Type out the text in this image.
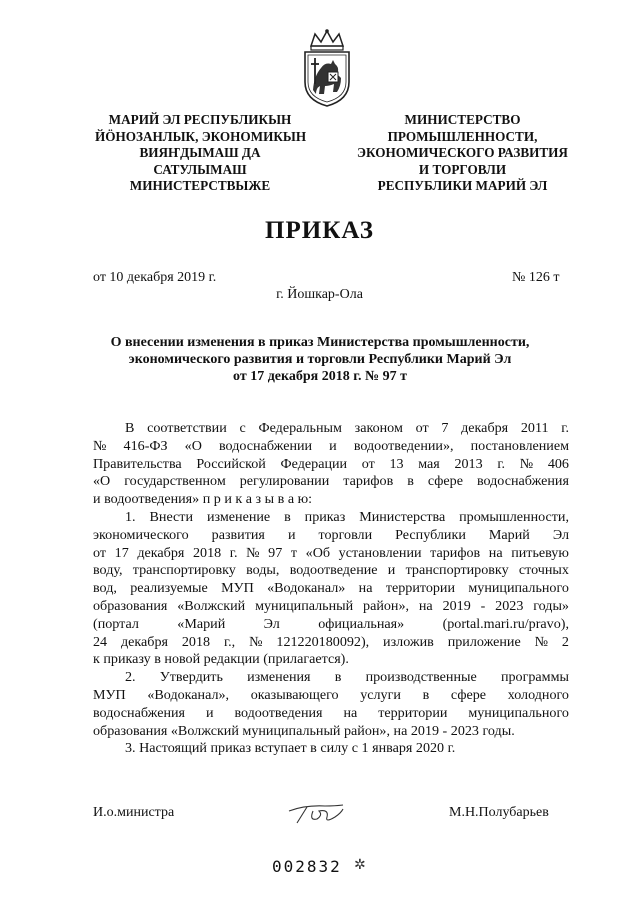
МАРИЙ ЭЛ РЕСПУБЛИКЫН
ЙӦНОЗАНЛЫК, ЭКОНОМИКЫН
ВИЯҤДЫМАШ ДА
САТУЛЫМАШ
МИНИСТЕРСТВЫЖЕ
МИНИСТЕРСТВО
ПРОМЫШЛЕННОСТИ,
ЭКОНОМИЧЕСКОГО РАЗВИТИЯ
И ТОРГОВЛИ
РЕСПУБЛИКИ МАРИЙ ЭЛ
ПРИКАЗ
от 10 декабря 2019 г.	№ 126 т
г. Йошкар-Ола
О внесении изменения в приказ Министерства промышленности,
экономического развития и торговли Республики Марий Эл
от 17 декабря 2018 г. № 97 т
В соответствии с Федеральным законом от 7 декабря 2011 г.
№ 416-ФЗ «О водоснабжении и водоотведении», постановлением
Правительства Российской Федерации от 13 мая 2013 г. № 406
«О государственном регулировании тарифов в сфере водоснабжения
и водоотведения» п р и к а з ы в а ю:
1. Внести изменение в приказ Министерства промышленности,
экономического развития и торговли Республики Марий Эл
от 17 декабря 2018 г. № 97 т «Об установлении тарифов на питьевую
воду, транспортировку воды, водоотведение и транспортировку сточных
вод, реализуемые МУП «Водоканал» на территории муниципального
образования «Волжский муниципальный район», на 2019 - 2023 годы»
(портал	«Марий	Эл	официальная»	(portal.mari.ru/pravo),
24 декабря 2018 г., № 121220180092), изложив приложение № 2
к приказу в новой редакции (прилагается).
2. Утвердить изменения в производственные программы
МУП «Водоканал», оказывающего услуги в сфере холодного
водоснабжения и водоотведения на территории муниципального
образования «Волжский муниципальный район», на 2019 - 2023 годы.
3. Настоящий приказ вступает в силу с 1 января 2020 г.
И.о.министра	М.Н.Полубарьев
002832 ✲
